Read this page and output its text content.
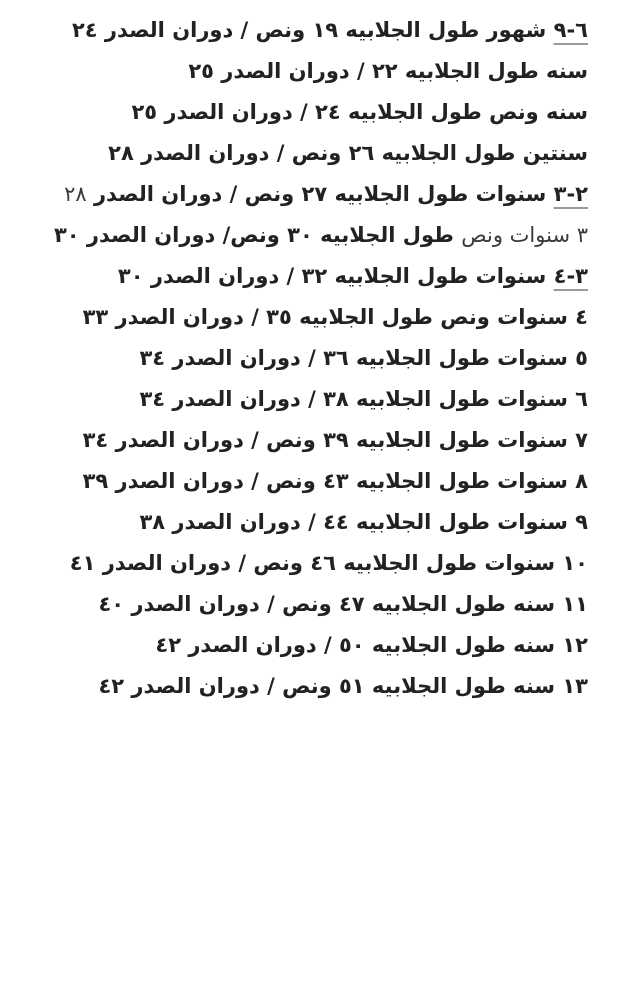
٦-٩ شهور طول الجلابيه ١٩ ونص / دوران الصدر ٢٤
سنه طول الجلابيه ٢٢ / دوران الصدر ٢٥
سنه ونص طول الجلابيه ٢٤ / دوران الصدر ٢٥
سنتين طول الجلابيه ٢٦ ونص / دوران الصدر ٢٨
٢-٣ سنوات طول الجلابيه ٢٧ ونص / دوران الصدر ٢٨
٣ سنوات ونص طول الجلابيه ٣٠ ونص/ دوران الصدر ٣٠
٣-٤ سنوات طول الجلابيه ٣٢ / دوران الصدر ٣٠
٤ سنوات ونص طول الجلابيه ٣٥ / دوران الصدر ٣٣
٥ سنوات طول الجلابيه ٣٦ / دوران الصدر ٣٤
٦ سنوات طول الجلابيه ٣٨ / دوران الصدر ٣٤
٧ سنوات طول الجلابيه ٣٩ ونص / دوران الصدر ٣٤
٨ سنوات طول الجلابيه ٤٣ ونص / دوران الصدر ٣٩
٩ سنوات طول الجلابيه ٤٤ / دوران الصدر ٣٨
١٠ سنوات طول الجلابيه ٤٦ ونص / دوران الصدر ٤١
١١ سنه طول الجلابيه ٤٧ ونص / دوران الصدر ٤٠
١٢ سنه طول الجلابيه ٥٠ / دوران الصدر ٤٢
١٣ سنه طول الجلابيه ٥١ ونص / دوران الصدر ٤٢
